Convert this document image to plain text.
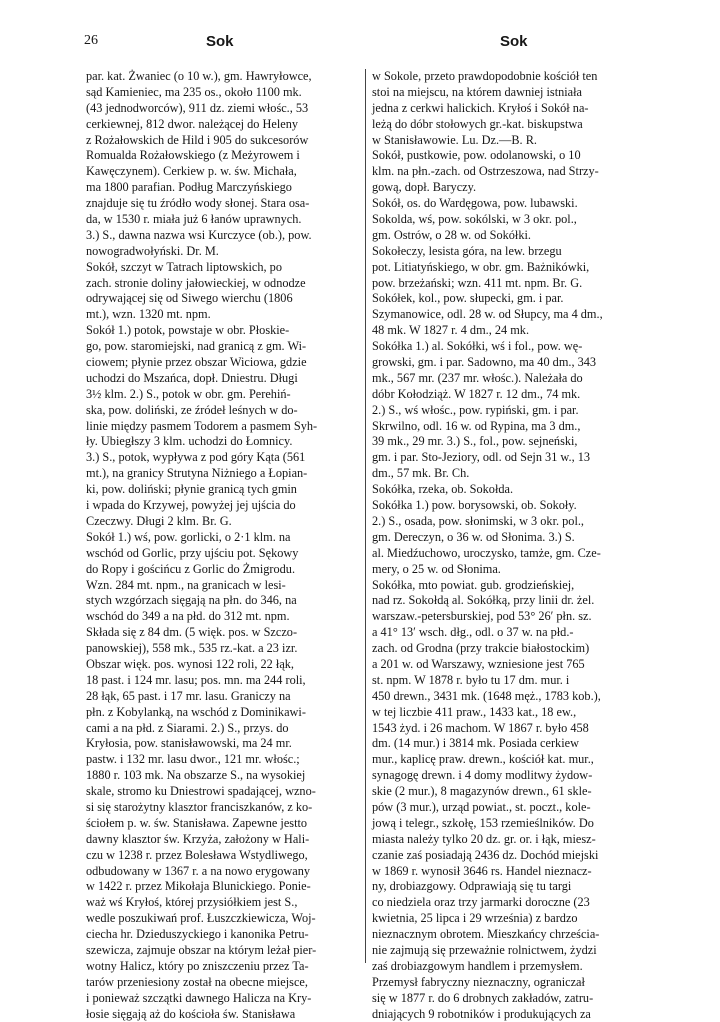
26	Sok	Sok
par. kat. Żwaniec (o 10 w.), gm. Hawryłowce,
sąd Kamieniec, ma 235 os., około 1100 mk.
(43 jednodworców), 911 dz. ziemi włośc., 53
cerkiewnej, 812 dwor. należącej do Heleny
z Rożałowskich de Hild i 905 do sukcesorów
Romualda Rożałowskiego (z Meżyrowem i
Kawęczynem). Cerkiew p. w. św. Michała,
ma 1800 parafian. Podług Marczyńskiego
znajduje się tu źródło wody słonej. Stara osa-
da, w 1530 r. miała już 6 łanów uprawnych.
3.) S., dawna nazwa wsi Kurczyce (ob.), pow.
nowogradwołyński. Dr. M.
Sokół, szczyt w Tatrach liptowskich, po
zach. stronie doliny jałowieckiej, w odnodze
odrywającej się od Siwego wierchu (1806
mt.), wzn. 1320 mt. npm.
Sokół 1.) potok, powstaje w obr. Płoskie-
go, pow. staromiejski, nad granicą z gm. Wi-
ciowem; płynie przez obszar Wiciowa, gdzie
uchodzi do Mszańca, dopł. Dniestru. Długi
3½ klm. 2.) S., potok w obr. gm. Perehiń-
ska, pow. doliński, ze źródeł leśnych w do-
linie między pasmem Todorem a pasmem Syh-
ły. Ubiegłszy 3 klm. uchodzi do Łomnicy.
3.) S., potok, wypływa z pod góry Kąta (561
mt.), na granicy Strutyna Niżniego a Łopian-
ki, pow. doliński; płynie granicą tych gmin
i wpada do Krzywej, powyżej jej ujścia do
Czeczwy. Długi 2 klm. Br. G.
Sokół 1.) wś, pow. gorlicki, o 2·1 klm. na
wschód od Gorlic, przy ujściu pot. Sękowy
do Ropy i gościńcu z Gorlic do Żmigrodu.
Wzn. 284 mt. npm., na granicach w lesi-
stych wzgórzach sięgają na płn. do 346, na
wschód do 349 a na płd. do 312 mt. npm.
Składa się z 84 dm. (5 więk. pos. w Szczo-
panowskiej), 558 mk., 535 rz.-kat. a 23 izr.
Obszar więk. pos. wynosi 122 roli, 22 łąk,
18 past. i 124 mr. lasu; pos. mn. ma 244 roli,
28 łąk, 65 past. i 17 mr. lasu. Graniczy na
płn. z Kobylanką, na wschód z Dominikawi-
cami a na płd. z Siarami. 2.) S., przys. do
Kryłosia, pow. stanisławowski, ma 24 mr.
pastw. i 132 mr. lasu dwor., 121 mr. włośc.;
1880 r. 103 mk. Na obszarze S., na wysokiej
skale, stromo ku Dniestrowi spadającej, wzno-
si się starożytny klasztor franciszkanów, z ko-
ściołem p. w. św. Stanisława. Zapewne jestto
dawny klasztor św. Krzyża, założony w Hali-
czu w 1238 r. przez Bolesława Wstydliwego,
odbudowany w 1367 r. a na nowo erygowany
w 1422 r. przez Mikołaja Blunickiego. Ponie-
waż wś Kryłoś, której przysiółkiem jest S.,
wedle poszukiwań prof. Łuszczkiewicza, Woj-
ciecha hr. Dzieduszyckiego i kanonika Petru-
szewicza, zajmuje obszar na którym leżał pier-
wotny Halicz, który po zniszczeniu przez Ta-
tarów przeniesiony został na obecne miejsce,
i ponieważ szczątki dawnego Halicza na Kry-
łosie sięgają aż do kościoła św. Stanisława
w Sokole, przeto prawdopodobnie kościół ten
stoi na miejscu, na którem dawniej istniała
jedna z cerkwi halickich. Kryłoś i Sokół na-
leżą do dóbr stołowych gr.-kat. biskupstwa
w Stanisławowie. Lu. Dz.—B. R.
Sokół, pustkowie, pow. odolanowski, o 10
klm. na płn.-zach. od Ostrzeszowa, nad Strzy-
gową, dopł. Baryczy.
Sokół, os. do Wardęgowa, pow. lubawski.
Sokolda, wś, pow. sokólski, w 3 okr. pol.,
gm. Ostrów, o 28 w. od Sokółki.
Sokołeczy, lesista góra, na lew. brzegu
pot. Litiatyńskiego, w obr. gm. Bażnikówki,
pow. brzeżański; wzn. 411 mt. npm. Br. G.
Sokółek, kol., pow. słupecki, gm. i par.
Szymanowice, odl. 28 w. od Słupcy, ma 4 dm.,
48 mk. W 1827 r. 4 dm., 24 mk.
Sokółka 1.) al. Sokółki, wś i fol., pow. wę-
growski, gm. i par. Sadowno, ma 40 dm., 343
mk., 567 mr. (237 mr. włośc.). Należała do
dóbr Kołodziąż. W 1827 r. 12 dm., 74 mk.
2.) S., wś włośc., pow. rypiński, gm. i par.
Skrwilno, odl. 16 w. od Rypina, ma 3 dm.,
39 mk., 29 mr. 3.) S., fol., pow. sejneński,
gm. i par. Sto-Jeziory, odl. od Sejn 31 w., 13
dm., 57 mk. Br. Ch.
Sokółka, rzeka, ob. Sokołda.
Sokółka 1.) pow. borysowski, ob. Sokoły.
2.) S., osada, pow. słonimski, w 3 okr. pol.,
gm. Dereczyn, o 36 w. od Słonima. 3.) S.
al. Miedźuchowo, uroczysko, tamże, gm. Cze-
mery, o 25 w. od Słonima.
Sokółka, mto powiat. gub. grodzieńskiej,
nad rz. Sokołdą al. Sokółką, przy linii dr. żel.
warszaw.-petersburskiej, pod 53° 26′ płn. sz.
a 41° 13′ wsch. dłg., odl. o 37 w. na płd.-
zach. od Grodna (przy trakcie białostockim)
a 201 w. od Warszawy, wzniesione jest 765
st. npm. W 1878 r. było tu 17 dm. mur. i
450 drewn., 3431 mk. (1648 męż., 1783 kob.),
w tej liczbie 411 praw., 1433 kat., 18 ew.,
1543 żyd. i 26 machom. W 1867 r. było 458
dm. (14 mur.) i 3814 mk. Posiada cerkiew
mur., kaplicę praw. drewn., kościół kat. mur.,
synagogę drewn. i 4 domy modlitwy żydow-
skie (2 mur.), 8 magazynów drewn., 61 skle-
pów (3 mur.), urząd powiat., st. poczt., kole-
jową i telegr., szkołę, 153 rzemieślników. Do
miasta należy tylko 20 dz. gr. or. i łąk, miesz-
czanie zaś posiadają 2436 dz. Dochód miejski
w 1869 r. wynosił 3646 rs. Handel nieznacz-
ny, drobiazgowy. Odprawiają się tu targi
co niedziela oraz trzy jarmarki doroczne (23
kwietnia, 25 lipca i 29 września) z bardzo
nieznacznym obrotem. Mieszkańcy chrześcia-
nie zajmują się przeważnie rolnictwem, żydzi
zaś drobiazgowym handlem i przemysłem.
Przemysł fabryczny nieznaczny, ograniczał
się w 1877 r. do 6 drobnych zakładów, zatru-
dniających 9 robotników i produkujących za
